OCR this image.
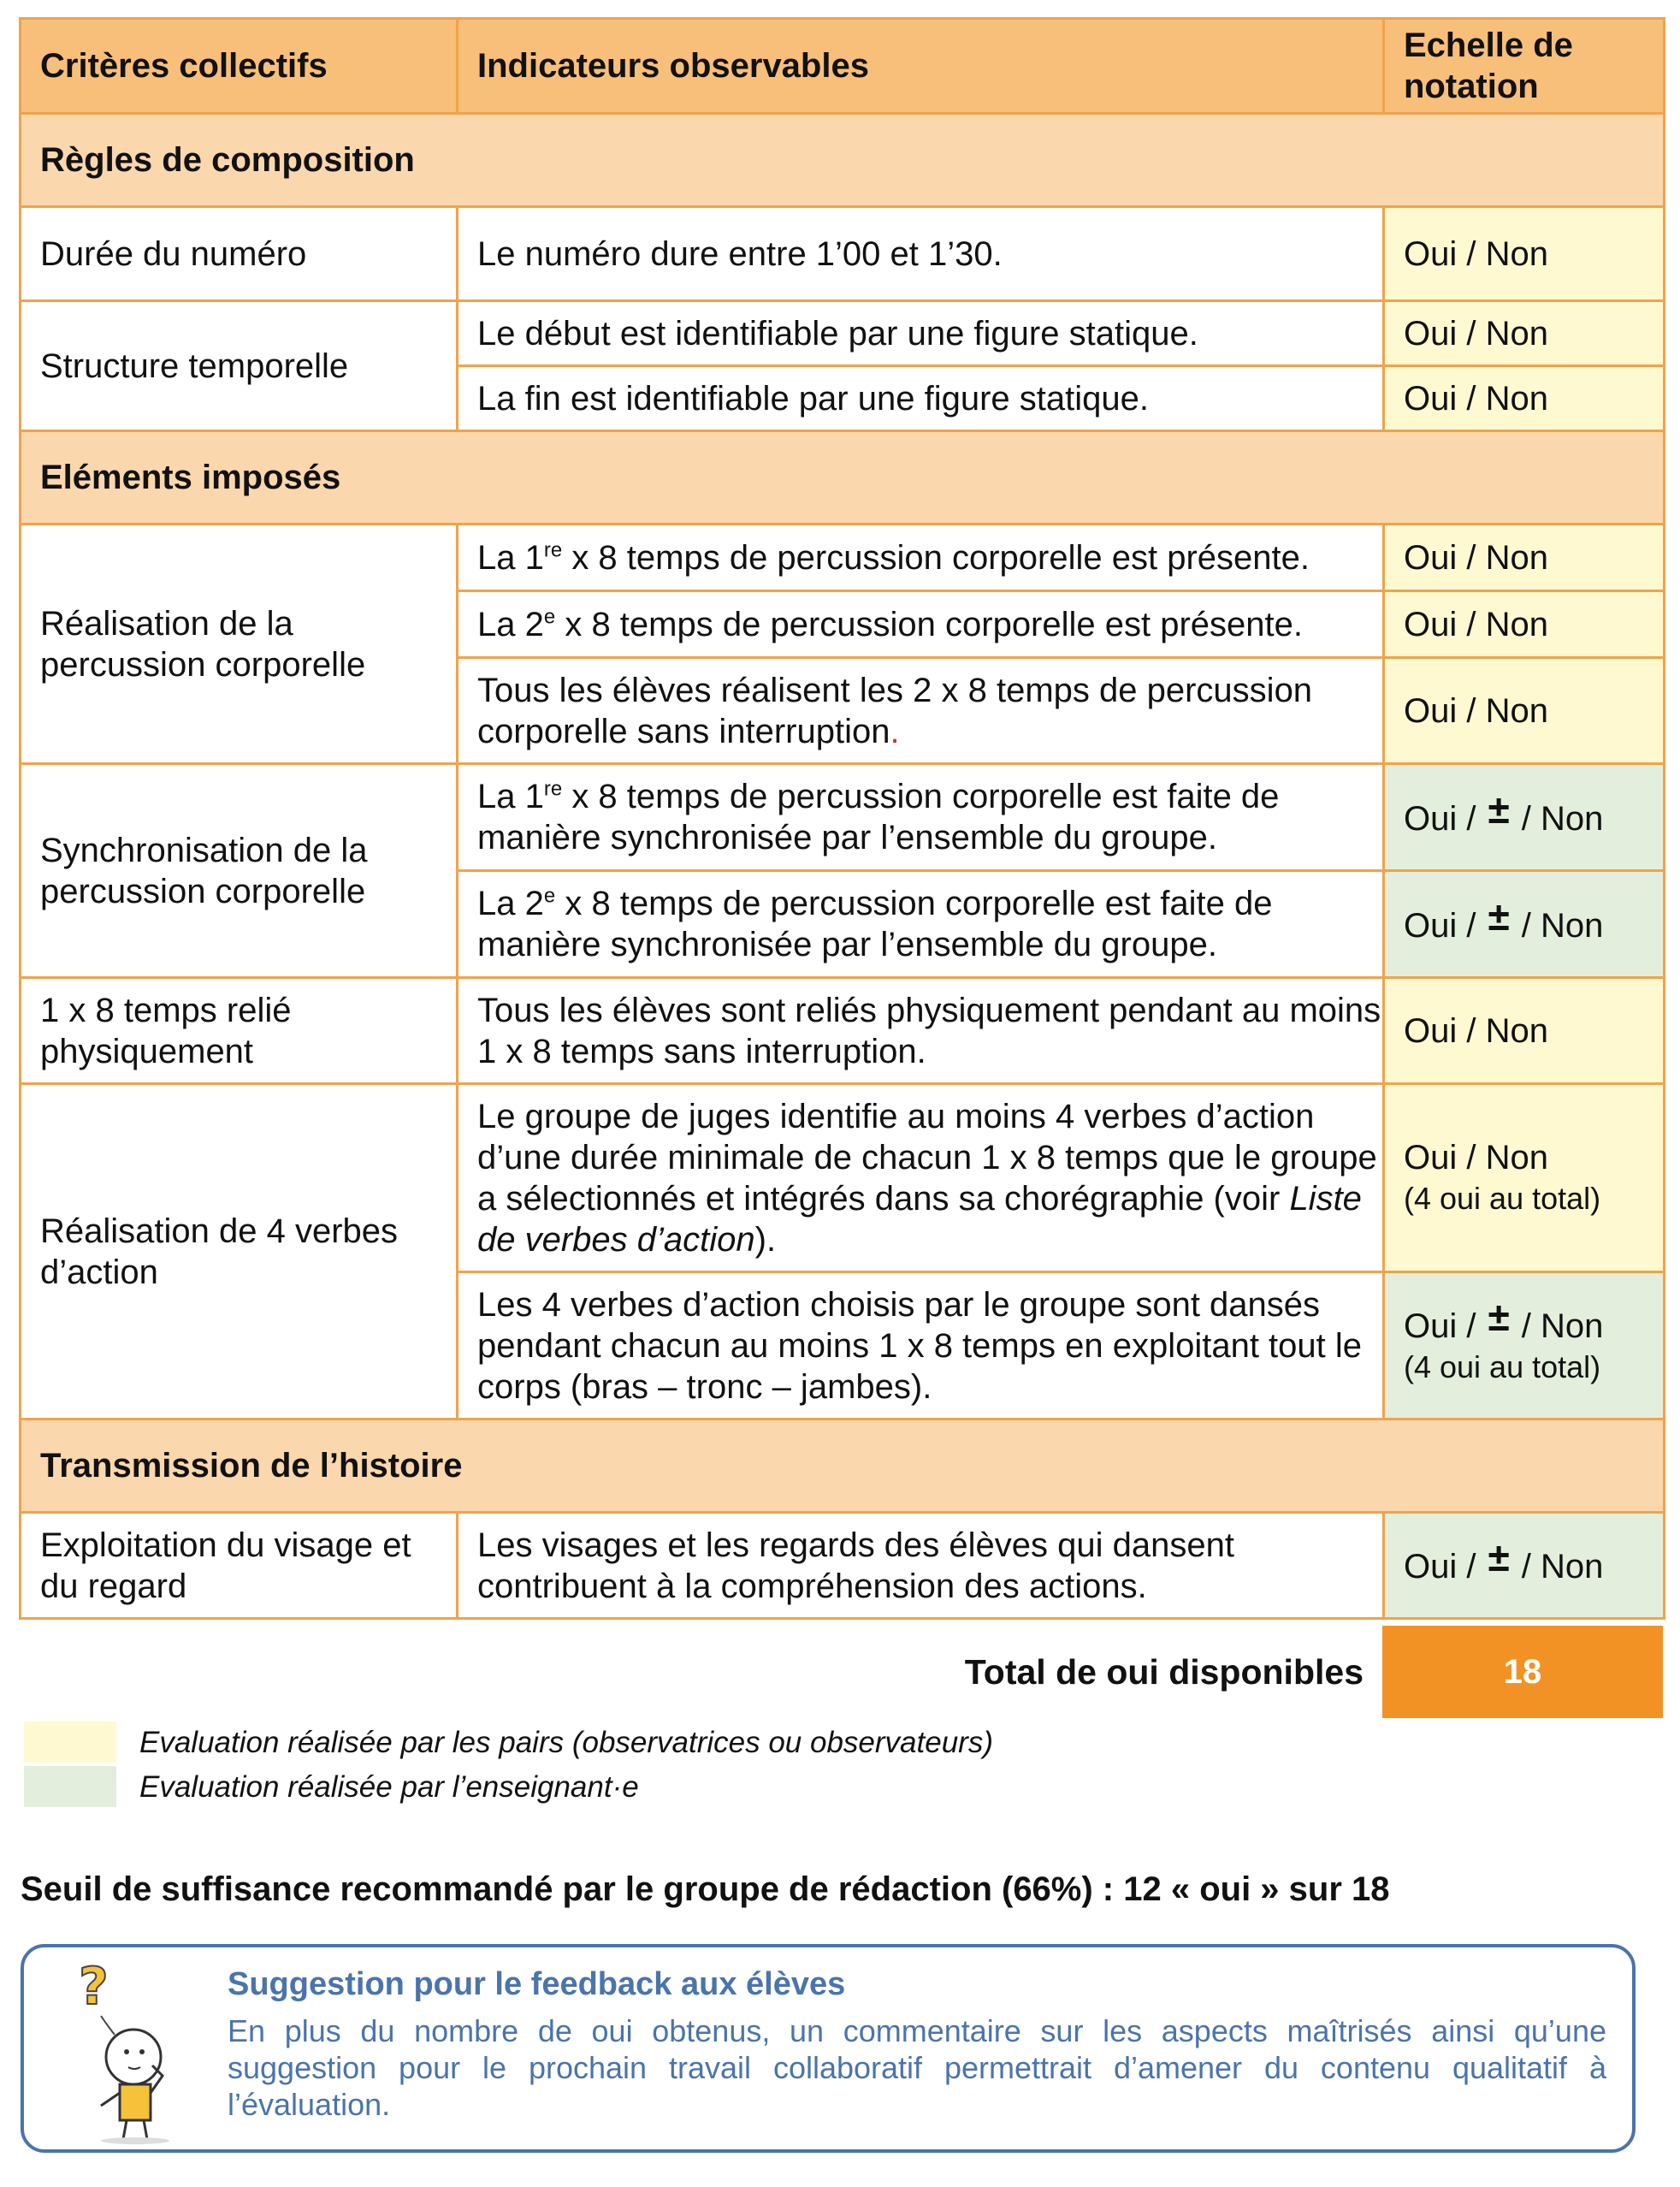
Critères collectifs	Indicateurs observables	Echelle de notation
Règles de composition		
Durée du numéro	Le numéro dure entre 1’00 et 1’30.	Oui / Non
Structure temporelle	Le début est identifiable par une figure statique.	Oui / Non
	La fin est identifiable par une figure statique.	Oui / Non
Eléments imposés		
Réalisation de la percussion corporelle	La 1re x 8 temps de percussion corporelle est présente.	Oui / Non
	La 2e x 8 temps de percussion corporelle est présente.	Oui / Non
	Tous les élèves réalisent les 2 x 8 temps de percussion corporelle sans interruption.	Oui / Non
Synchronisation de la percussion corporelle	La 1re x 8 temps de percussion corporelle est faite de manière synchronisée par l’ensemble du groupe.	Oui / ± / Non
	La 2e x 8 temps de percussion corporelle est faite de manière synchronisée par l’ensemble du groupe.	Oui / ± / Non
1 x 8 temps relié physiquement	Tous les élèves sont reliés physiquement pendant au moins 1 x 8 temps sans interruption.	Oui / Non
Réalisation de 4 verbes d’action	Le groupe de juges identifie au moins 4 verbes d’action d’une durée minimale de chacun 1 x 8 temps que le groupe a sélectionnés et intégrés dans sa chorégraphie (voir Liste de verbes d’action).	Oui / Non
(4 oui au total)

	Les 4 verbes d’action choisis par le groupe sont dansés pendant chacun au moins 1 x 8 temps en exploitant tout le corps (bras – tronc – jambes).	Oui / ± / Non
(4 oui au total)

Transmission de l’histoire		
Exploitation du visage et du regard	Les visages et les regards des élèves qui dansent contribuent à la compréhension des actions.	Oui / ± / Non
Total de oui disponibles	18
Evaluation réalisée par les pairs (observatrices ou observateurs)
Evaluation réalisée par l’enseignant·e
Seuil de suffisance recommandé par le groupe de rédaction (66%) : 12 « oui » sur 18
?	Suggestion pour le feedback aux élèves
En plus du nombre de oui obtenus, un commentaire sur les aspects maîtrisés ainsi qu’une suggestion pour le prochain travail collaboratif permettrait d’amener du contenu qualitatif à l’évaluation.
